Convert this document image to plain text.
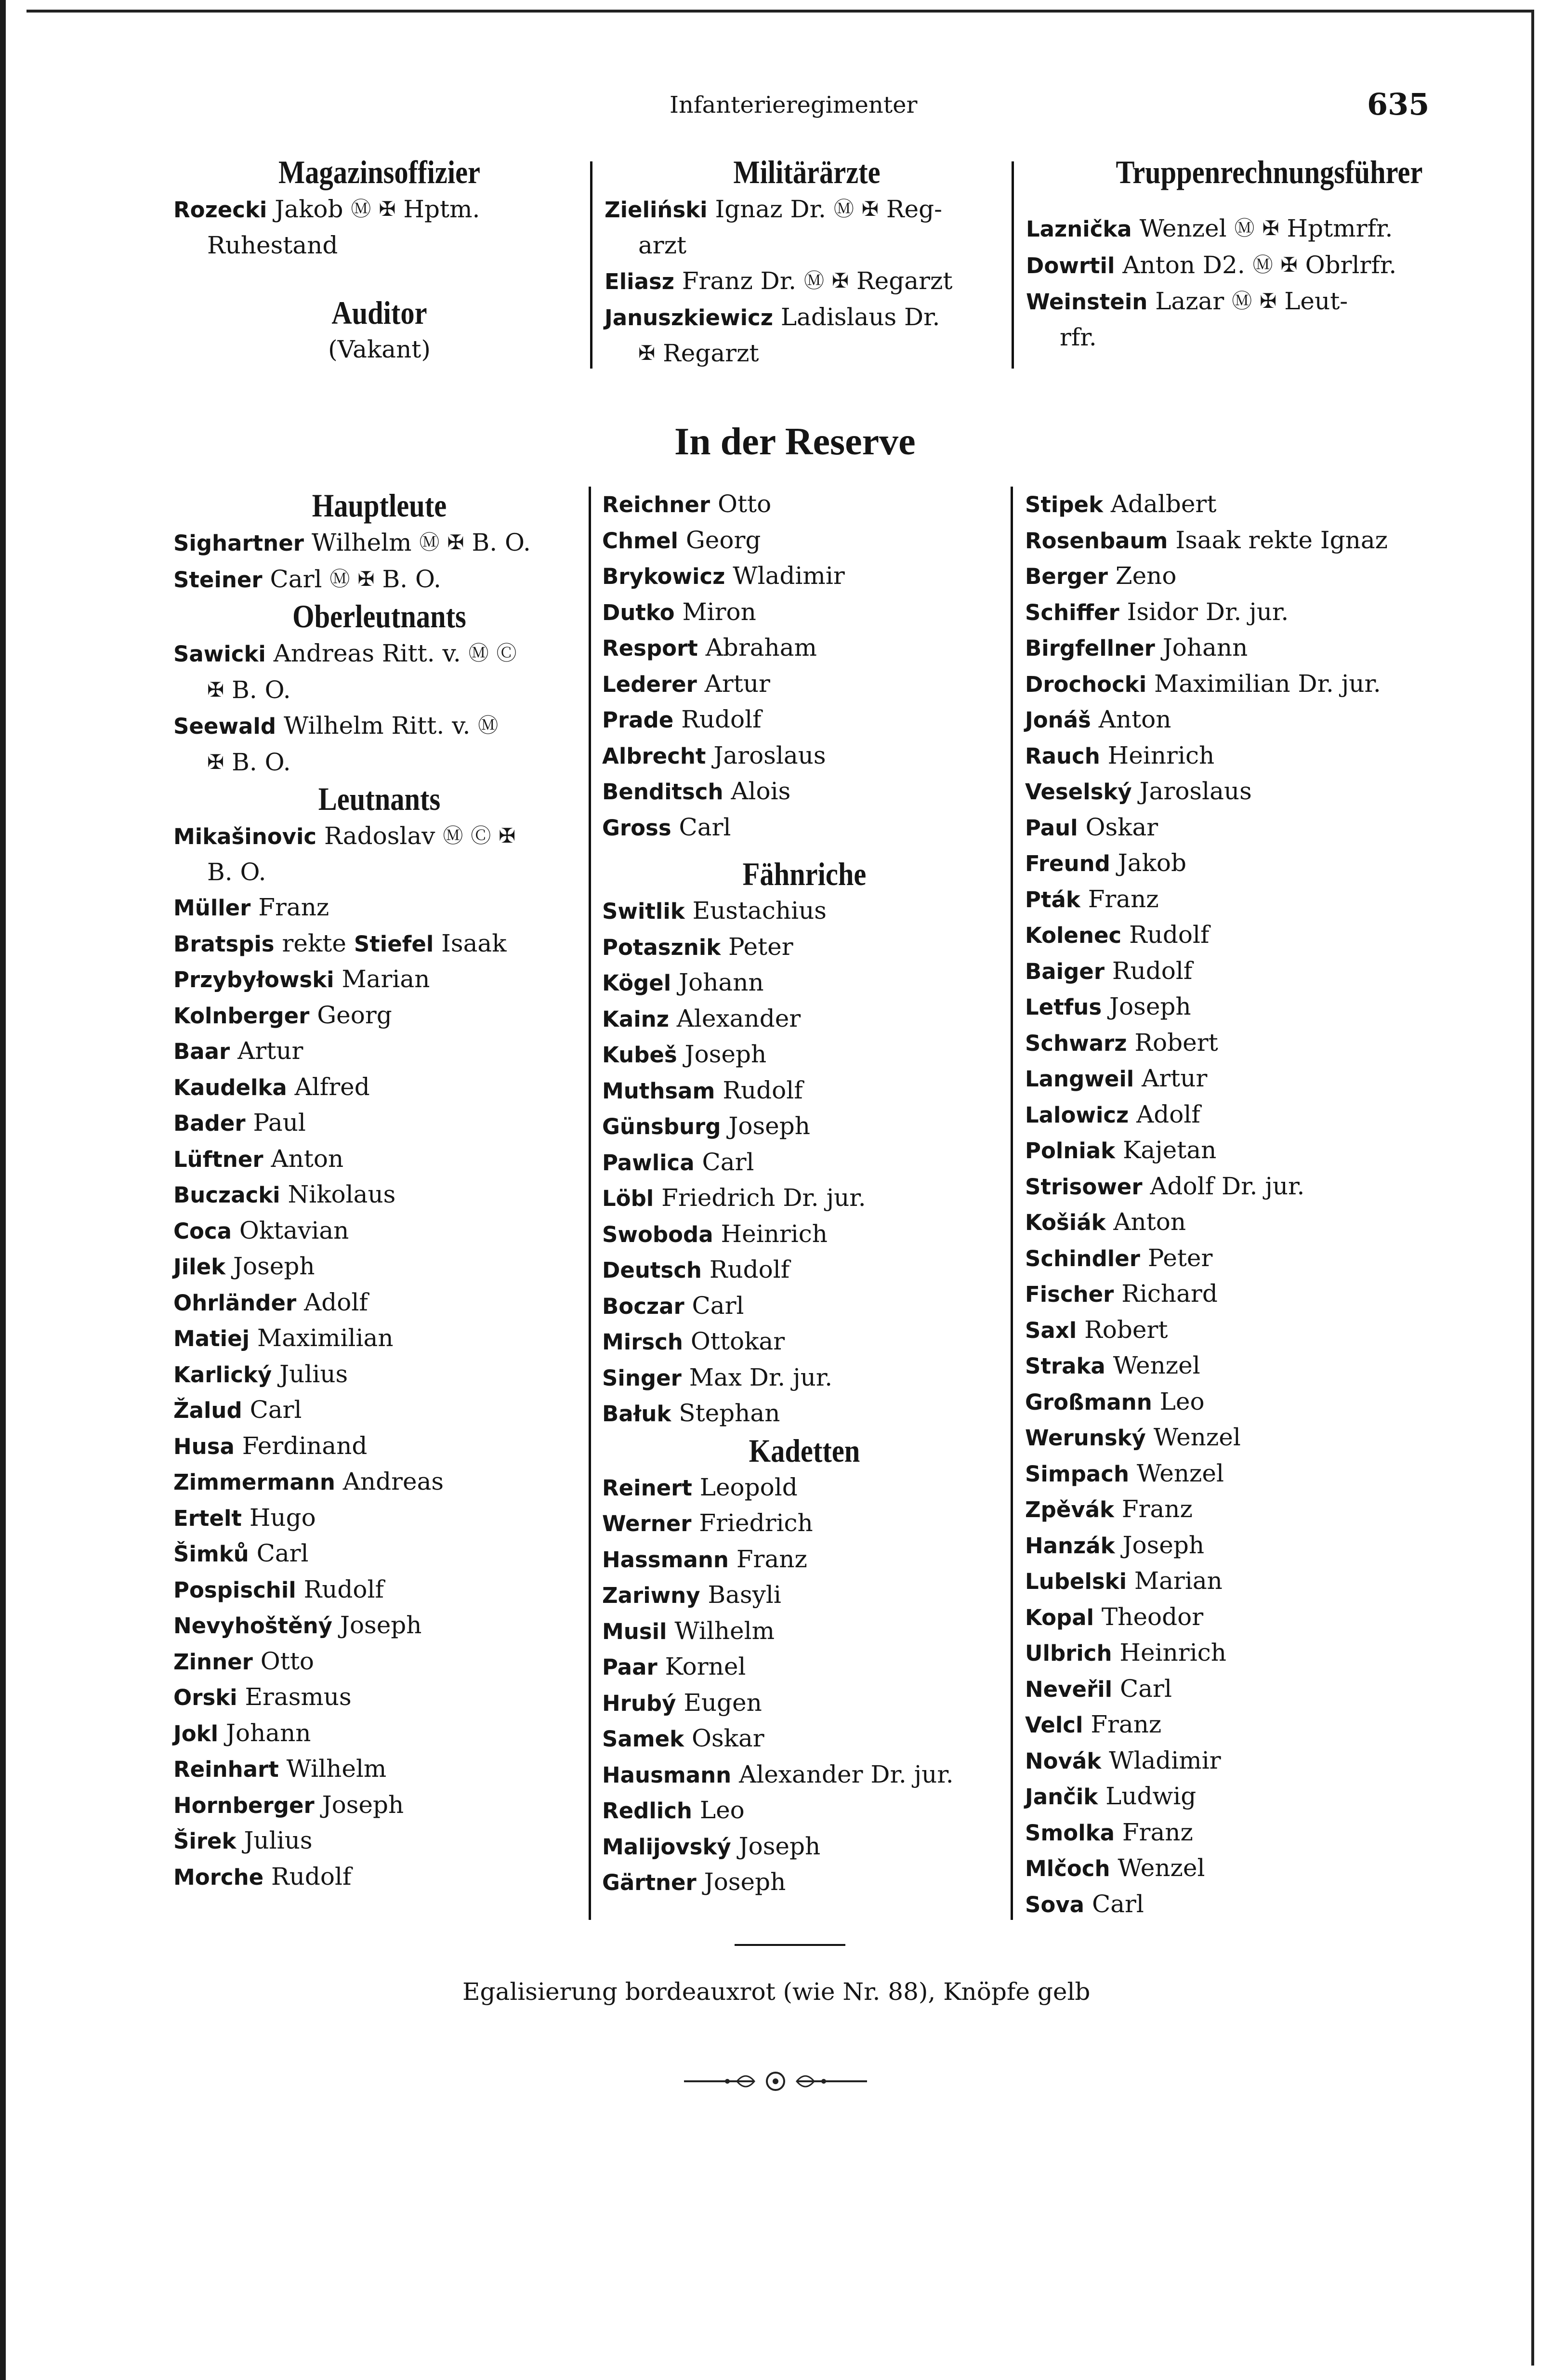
Infanterieregimenter	635
Magazinsoffizier
Rozecki Jakob Ⓜ ✠ Hptm.
Ruhestand
Auditor
(Vakant)
Militärärzte
Zieliński Ignaz Dr. Ⓜ ✠ Reg-
arzt
Eliasz Franz Dr. Ⓜ ✠ Regarzt
Januszkiewicz Ladislaus Dr.
✠ Regarzt
Truppenrechnungsführer
Laznička Wenzel Ⓜ ✠ Hptmrfr.
Dowrtil Anton D2. Ⓜ ✠ Obrlrfr.
Weinstein Lazar Ⓜ ✠ Leut-
rfr.
In der Reserve
Hauptleute
Sighartner Wilhelm Ⓜ ✠ B. O.
Steiner Carl Ⓜ ✠ B. O.
Oberleutnants
Sawicki Andreas Ritt. v. Ⓜ Ⓒ
✠ B. O.
Seewald Wilhelm Ritt. v. Ⓜ
✠ B. O.
Leutnants
Mikašinovic Radoslav Ⓜ Ⓒ ✠
B. O.
Müller Franz
Bratspis rekte Stiefel Isaak
Przybyłowski Marian
Kolnberger Georg
Baar Artur
Kaudelka Alfred
Bader Paul
Lüftner Anton
Buczacki Nikolaus
Coca Oktavian
Jilek Joseph
Ohrländer Adolf
Matiej Maximilian
Karlický Julius
Žalud Carl
Husa Ferdinand
Zimmermann Andreas
Ertelt Hugo
Šimků Carl
Pospischil Rudolf
Nevyhoštěný Joseph
Zinner Otto
Orski Erasmus
Jokl Johann
Reinhart Wilhelm
Hornberger Joseph
Širek Julius
Morche Rudolf
Reichner Otto
Chmel Georg
Brykowicz Wladimir
Dutko Miron
Resport Abraham
Lederer Artur
Prade Rudolf
Albrecht Jaroslaus
Benditsch Alois
Gross Carl
Fähnriche
Switlik Eustachius
Potasznik Peter
Kögel Johann
Kainz Alexander
Kubeš Joseph
Muthsam Rudolf
Günsburg Joseph
Pawlica Carl
Löbl Friedrich Dr. jur.
Swoboda Heinrich
Deutsch Rudolf
Boczar Carl
Mirsch Ottokar
Singer Max Dr. jur.
Bałuk Stephan
Kadetten
Reinert Leopold
Werner Friedrich
Hassmann Franz
Zariwny Basyli
Musil Wilhelm
Paar Kornel
Hrubý Eugen
Samek Oskar
Hausmann Alexander Dr. jur.
Redlich Leo
Malijovský Joseph
Gärtner Joseph
Stipek Adalbert
Rosenbaum Isaak rekte Ignaz
Berger Zeno
Schiffer Isidor Dr. jur.
Birgfellner Johann
Drochocki Maximilian Dr. jur.
Jonáš Anton
Rauch Heinrich
Veselský Jaroslaus
Paul Oskar
Freund Jakob
Pták Franz
Kolenec Rudolf
Baiger Rudolf
Letfus Joseph
Schwarz Robert
Langweil Artur
Lalowicz Adolf
Polniak Kajetan
Strisower Adolf Dr. jur.
Košiák Anton
Schindler Peter
Fischer Richard
Saxl Robert
Straka Wenzel
Großmann Leo
Werunský Wenzel
Simpach Wenzel
Zpěvák Franz
Hanzák Joseph
Lubelski Marian
Kopal Theodor
Ulbrich Heinrich
Neveřil Carl
Velcl Franz
Novák Wladimir
Jančik Ludwig
Smolka Franz
Mlčoch Wenzel
Sova Carl
Egalisierung bordeauxrot (wie Nr. 88), Knöpfe gelb
